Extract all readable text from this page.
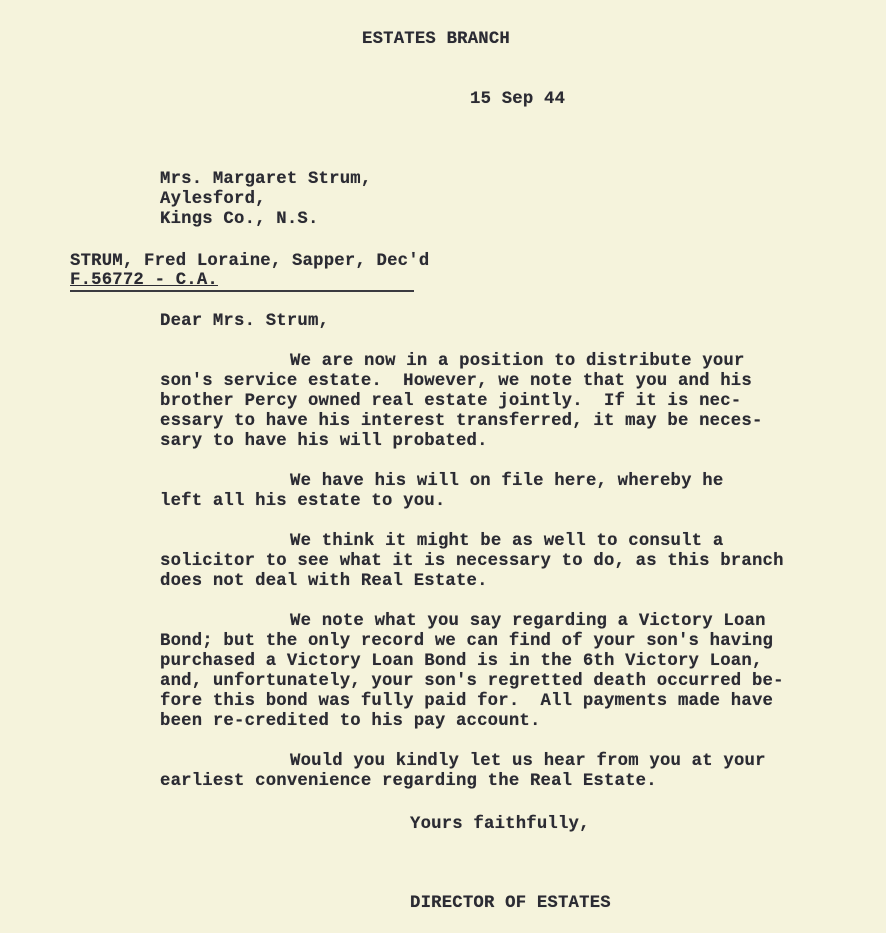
ESTATES BRANCH
15 Sep 44
Mrs. Margaret Strum,
Aylesford,
Kings Co., N.S.
STRUM, Fred Loraine, Sapper, Dec'd
F.56772 - C.A.
Dear Mrs. Strum,
We are now in a position to distribute your
son's service estate.  However, we note that you and his
brother Percy owned real estate jointly.  If it is nec-
essary to have his interest transferred, it may be neces-
sary to have his will probated.
We have his will on file here, whereby he
left all his estate to you.
We think it might be as well to consult a
solicitor to see what it is necessary to do, as this branch
does not deal with Real Estate.
We note what you say regarding a Victory Loan
Bond; but the only record we can find of your son's having
purchased a Victory Loan Bond is in the 6th Victory Loan,
and, unfortunately, your son's regretted death occurred be-
fore this bond was fully paid for.  All payments made have
been re-credited to his pay account.
Would you kindly let us hear from you at your
earliest convenience regarding the Real Estate.
Yours faithfully,
DIRECTOR OF ESTATES
